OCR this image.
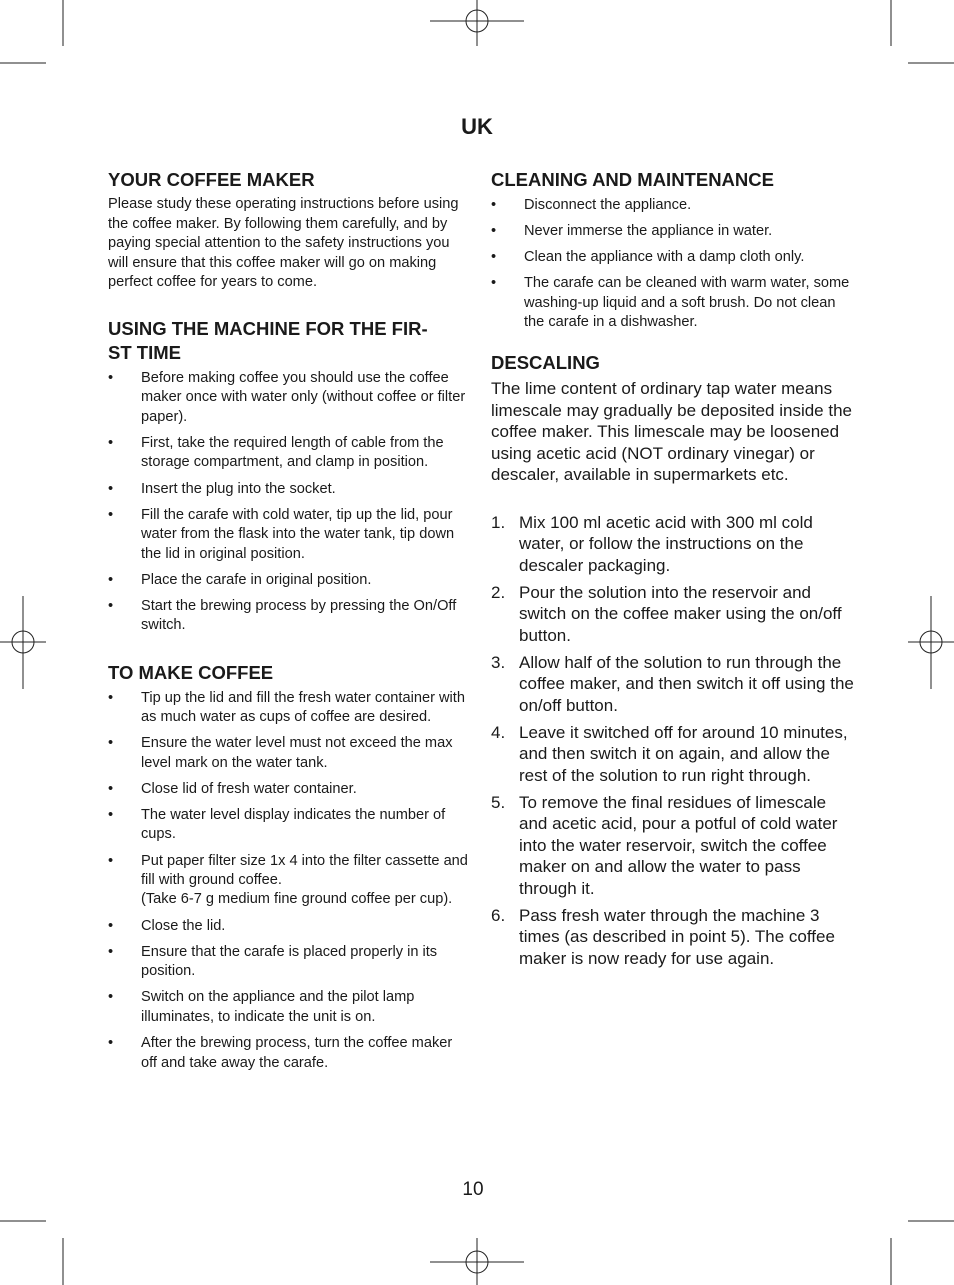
UK
YOUR COFFEE MAKER

Please study these operating instructions before using the coffee maker. By following them carefully, and by paying special attention to the safety instructions you will ensure that this coffee maker will go on making perfect coffee for years to come.

USING THE MACHINE FOR THE FIR-
ST TIME
• Before making coffee you should use the coffee maker once with water only (without coffee or filter paper).
• First, take the required length of cable from the storage compartment, and clamp in position.
• Insert the plug into the socket.
• Fill the carafe with cold water, tip up the lid, pour water from the flask into the water tank, tip down the lid in original position.
• Place the carafe in original position.
• Start the brewing process by pressing the On/Off switch.
TO MAKE COFFEE
• Tip up the lid and fill the fresh water container with as much water as cups of coffee are desired.
• Ensure the water level must not exceed the max level mark on the water tank.
• Close lid of fresh water container.
• The water level display indicates the number of cups.
• Put paper filter size 1x 4 into the filter cassette and fill with ground coffee.
(Take 6-7 g medium fine ground coffee per cup).
• Close the lid.
• Ensure that the carafe is placed properly in its position.
• Switch on the appliance and the pilot lamp illuminates, to indicate the unit is on.
• After the brewing process, turn the coffee maker off and take away the carafe.
CLEANING AND MAINTENANCE
• Disconnect the appliance.
• Never immerse the appliance in water.
• Clean the appliance with a damp cloth only.
• The carafe can be cleaned with warm water, some washing-up liquid and a soft brush. Do not clean the carafe in a dishwasher.
DESCALING

The lime content of ordinary tap water means limescale may gradually be deposited inside the coffee maker. This limescale may be loosened using acetic acid (NOT ordinary vinegar) or descaler, available in supermarkets etc.

1. Mix 100 ml acetic acid with 300 ml cold water, or follow the instructions on the descaler packaging.
2. Pour the solution into the reservoir and switch on the coffee maker using the on/off button.
3. Allow half of the solution to run through the coffee maker, and then switch it off using the on/off button.
4. Leave it switched off for around 10 minutes, and then switch it on again, and allow the rest of the solution to run right through.
5. To remove the final residues of limescale and acetic acid, pour a potful of cold water into the water reservoir, switch the coffee maker on and allow the water to pass through it.
6. Pass fresh water through the machine 3 times (as described in point 5). The coffee maker is now ready for use again.
10
